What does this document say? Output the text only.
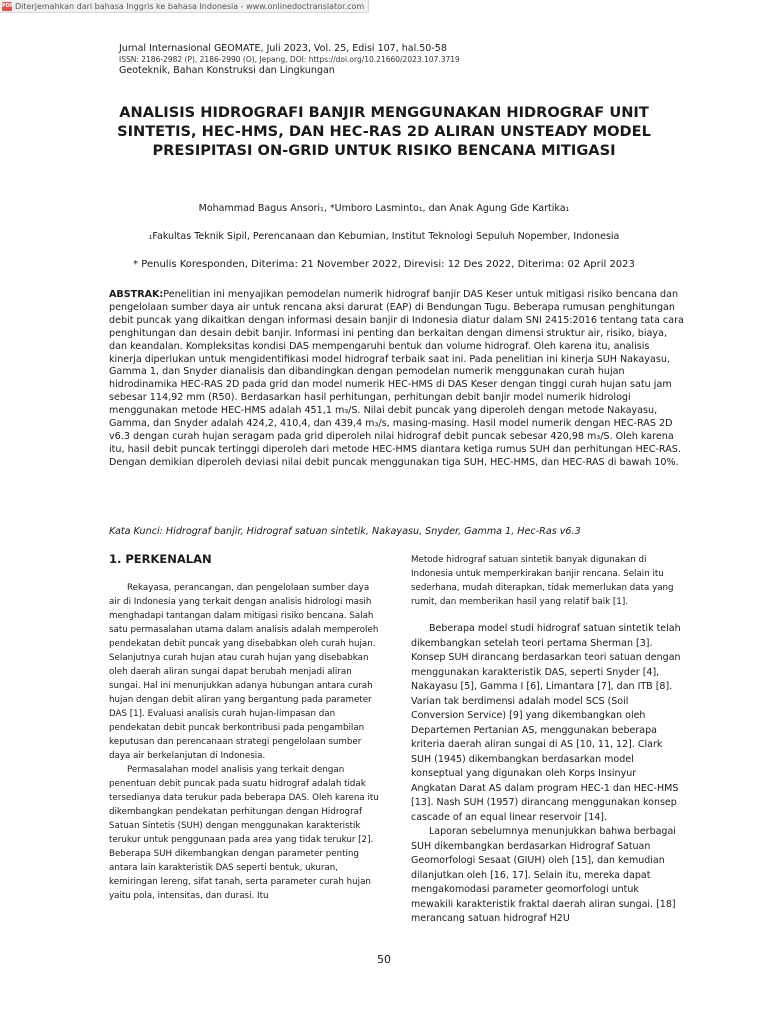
PDF Diterjemahkan dari bahasa Inggris ke bahasa Indonesia - www.onlinedoctranslator.com
Jurnal Internasional GEOMATE, Juli 2023, Vol. 25, Edisi 107, hal.50-58
ISSN: 2186-2982 (P), 2186-2990 (O), Jepang, DOI: https://doi.org/10.21660/2023.107.3719
Geoteknik, Bahan Konstruksi dan Lingkungan
ANALISIS HIDROGRAFI BANJIR MENGGUNAKAN HIDROGRAF UNIT SINTETIS, HEC-HMS, DAN HEC-RAS 2D ALIRAN UNSTEADY MODEL PRESIPITASI ON-GRID UNTUK RISIKO BENCANA MITIGASI
Mohammad Bagus Ansori₁, *Umboro Lasminto₁, dan Anak Agung Gde Kartika₁
₁Fakultas Teknik Sipil, Perencanaan dan Kebumian, Institut Teknologi Sepuluh Nopember, Indonesia
* Penulis Koresponden, Diterima: 21 November 2022, Direvisi: 12 Des 2022, Diterima: 02 April 2023

ABSTRAK:Penelitian ini menyajikan pemodelan numerik hidrograf banjir DAS Keser untuk mitigasi risiko bencana dan pengelolaan sumber daya air untuk rencana aksi darurat (EAP) di Bendungan Tugu. Beberapa rumusan penghitungan debit puncak yang dikaitkan dengan informasi desain banjir di Indonesia diatur dalam SNI 2415:2016 tentang tata cara penghitungan dan desain debit banjir. Informasi ini penting dan berkaitan dengan dimensi struktur air, risiko, biaya, dan keandalan. Kompleksitas kondisi DAS mempengaruhi bentuk dan volume hidrograf. Oleh karena itu, analisis kinerja diperlukan untuk mengidentifikasi model hidrograf terbaik saat ini. Pada penelitian ini kinerja SUH Nakayasu, Gamma 1, dan Snyder dianalisis dan dibandingkan dengan pemodelan numerik menggunakan curah hujan hidrodinamika HEC-RAS 2D pada grid dan model numerik HEC-HMS di DAS Keser dengan tinggi curah hujan satu jam sebesar 114,92 mm (R50). Berdasarkan hasil perhitungan, perhitungan debit banjir model numerik hidrologi menggunakan metode HEC-HMS adalah 451,1 m₃/S. Nilai debit puncak yang diperoleh dengan metode Nakayasu, Gamma, dan Snyder adalah 424,2, 410,4, dan 439,4 m₃/s, masing-masing. Hasil model numerik dengan HEC-RAS 2D v6.3 dengan curah hujan seragam pada grid diperoleh nilai hidrograf debit puncak sebesar 420,98 m₃/S. Oleh karena itu, hasil debit puncak tertinggi diperoleh dari metode HEC-HMS diantara ketiga rumus SUH dan perhitungan HEC-RAS. Dengan demikian diperoleh deviasi nilai debit puncak menggunakan tiga SUH, HEC-HMS, dan HEC-RAS di bawah 10%.

Kata Kunci: Hidrograf banjir, Hidrograf satuan sintetik, Nakayasu, Snyder, Gamma 1, Hec-Ras v6.3

1. PERKENALAN

Rekayasa, perancangan, dan pengelolaan sumber daya air di Indonesia yang terkait dengan analisis hidrologi masih menghadapi tantangan dalam mitigasi risiko bencana. Salah satu permasalahan utama dalam analisis adalah memperoleh pendekatan debit puncak yang disebabkan oleh curah hujan. Selanjutnya curah hujan atau curah hujan yang disebabkan oleh daerah aliran sungai dapat berubah menjadi aliran sungai. Hal ini menunjukkan adanya hubungan antara curah hujan dengan debit aliran yang bergantung pada parameter DAS [1]. Evaluasi analisis curah hujan-limpasan dan pendekatan debit puncak berkontribusi pada pengambilan keputusan dan perencanaan strategi pengelolaan sumber daya air berkelanjutan di Indonesia.

Permasalahan model analisis yang terkait dengan penentuan debit puncak pada suatu hidrograf adalah tidak tersedianya data terukur pada beberapa DAS. Oleh karena itu dikembangkan pendekatan perhitungan dengan Hidrograf Satuan Sintetis (SUH) dengan menggunakan karakteristik terukur untuk penggunaan pada area yang tidak terukur [2]. Beberapa SUH dikembangkan dengan parameter penting antara lain karakteristik DAS seperti bentuk, ukuran, kemiringan lereng, sifat tanah, serta parameter curah hujan yaitu pola, intensitas, dan durasi. Itu

Metode hidrograf satuan sintetik banyak digunakan di Indonesia untuk memperkirakan banjir rencana. Selain itu sederhana, mudah diterapkan, tidak memerlukan data yang rumit, dan memberikan hasil yang relatif baik [1].

Beberapa model studi hidrograf satuan sintetik telah dikembangkan setelah teori pertama Sherman [3]. Konsep SUH dirancang berdasarkan teori satuan dengan menggunakan karakteristik DAS, seperti Snyder [4], Nakayasu [5], Gamma I [6], Limantara [7], dan ITB [8]. Varian tak berdimensi adalah model SCS (Soil Conversion Service) [9] yang dikembangkan oleh Departemen Pertanian AS, menggunakan beberapa kriteria daerah aliran sungai di AS [10, 11, 12]. Clark SUH (1945) dikembangkan berdasarkan model konseptual yang digunakan oleh Korps Insinyur Angkatan Darat AS dalam program HEC-1 dan HEC-HMS [13]. Nash SUH (1957) dirancang menggunakan konsep cascade of an equal linear reservoir [14].

Laporan sebelumnya menunjukkan bahwa berbagai SUH dikembangkan berdasarkan Hidrograf Satuan Geomorfologi Sesaat (GIUH) oleh [15], dan kemudian dilanjutkan oleh [16, 17]. Selain itu, mereka dapat mengakomodasi parameter geomorfologi untuk mewakili karakteristik fraktal daerah aliran sungai. [18] merancang satuan hidrograf H2U

50
